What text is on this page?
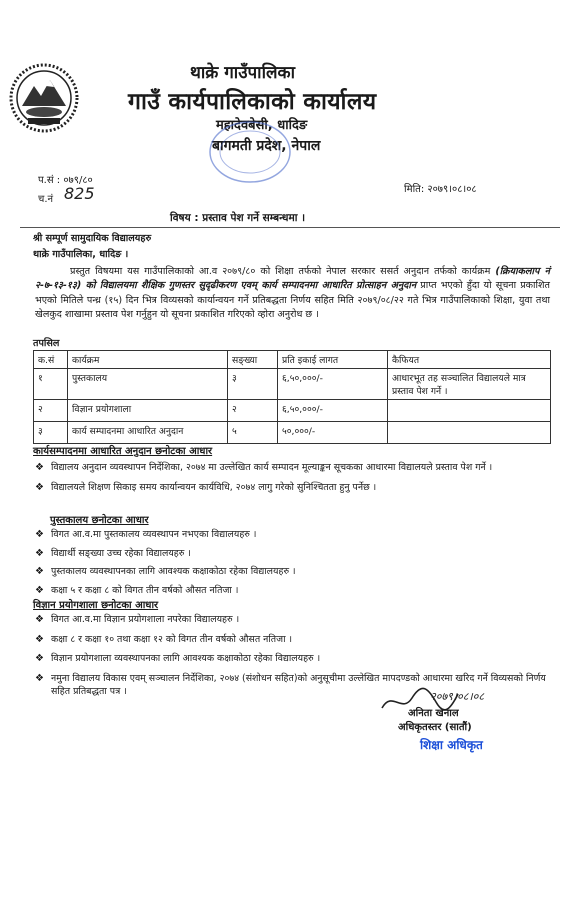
थाक्रे गाउँपालिका
गाउँ कार्यपालिकाको कार्यालय
महादेवबेसी, धादिङ
बागमती प्रदेश, नेपाल
प.सं : ०७९/८०
च.नं 825	मिति: २०७९।०८।०८
विषय : प्रस्ताव पेश गर्ने सम्बन्धमा ।
श्री सम्पूर्ण सामुदायिक विद्यालयहरु
थाक्रे गाउँपालिका, धादिङ ।
प्रस्तुत विषयमा यस गाउँपालिकाको आ.व २०७९/८० को शिक्षा तर्फको नेपाल सरकार ससर्त अनुदान तर्फको कार्यक्रम (क्रियाकलाप नं २-७-१३-१३) को विद्यालयमा शैक्षिक गुणस्तर सुदृढीकरण एवम् कार्य सम्पादनमा आधारित प्रोत्साहन अनुदान प्राप्त भएको हुँदा यो सूचना प्रकाशित भएको मितिले पन्ध्र (१५) दिन भित्र विव्यसको कार्यान्वयन गर्ने प्रतिबद्धता निर्णय सहित मिति २०७९/०८/२२ गते भित्र गाउँपालिकाको शिक्षा, युवा तथा खेलकुद शाखामा प्रस्ताव पेश गर्नुहुन यो सूचना प्रकाशित गरिएको व्होरा अनुरोध छ ।
तपसिल
क.सं	कार्यक्रम	सङ्ख्या	प्रति इकाई लागत	कैफियत
१	पुस्तकालय	३	६,५०,०००/-	आधारभूत तह सञ्चालित विद्यालयले मात्र प्रस्ताव पेश गर्ने ।
२	विज्ञान प्रयोगशाला	२	६,५०,०००/-	
३	कार्य सम्पादनमा आधारित अनुदान	५	५०,०००/-	
कार्यसम्पादनमा आधारित अनुदान छनोटका आधार
❖ विद्यालय अनुदान व्यवस्थापन निर्देशिका, २०७४ मा उल्लेखित कार्य सम्पादन मूल्याङ्कन सूचकका आधारमा विद्यालयले प्रस्ताव पेश गर्ने ।
❖ विद्यालयले शिक्षण सिकाइ समय कार्यान्वयन कार्यविधि, २०७४ लागु गरेको सुनिश्चितता हुनु पर्नेछ ।
पुस्तकालय छनोटका आधार
❖ विगत आ.व.मा पुस्तकालय व्यवस्थापन नभएका विद्यालयहरु ।
❖ विद्यार्थी सङ्ख्या उच्च रहेका विद्यालयहरु ।
❖ पुस्तकालय व्यवस्थापनका लागि आवश्यक कक्षाकोठा रहेका विद्यालयहरु ।
❖ कक्षा ५ र कक्षा ८ को विगत तीन वर्षको औसत नतिजा ।
विज्ञान प्रयोगशाला छनोटका आधार
❖ विगत आ.व.मा विज्ञान प्रयोगशाला नपरेका विद्यालयहरु ।
❖ कक्षा ८ र कक्षा १० तथा कक्षा १२ को विगत तीन वर्षको औसत नतिजा ।
❖ विज्ञान प्रयोगशाला व्यवस्थापनका लागि आवश्यक कक्षाकोठा रहेका विद्यालयहरु ।
❖ नमुना विद्यालय विकास एवम् सञ्चालन निर्देशिका, २०७४ (संशोधन सहित)को अनुसूचीमा उल्लेखित मापदण्डको आधारमा खरिद गर्ने विव्यसको निर्णय सहित प्रतिबद्धता पत्र ।	२०७९।०८।०८
अनिता खनाल
अधिकृतस्तर (सातौं)
शिक्षा अधिकृत
